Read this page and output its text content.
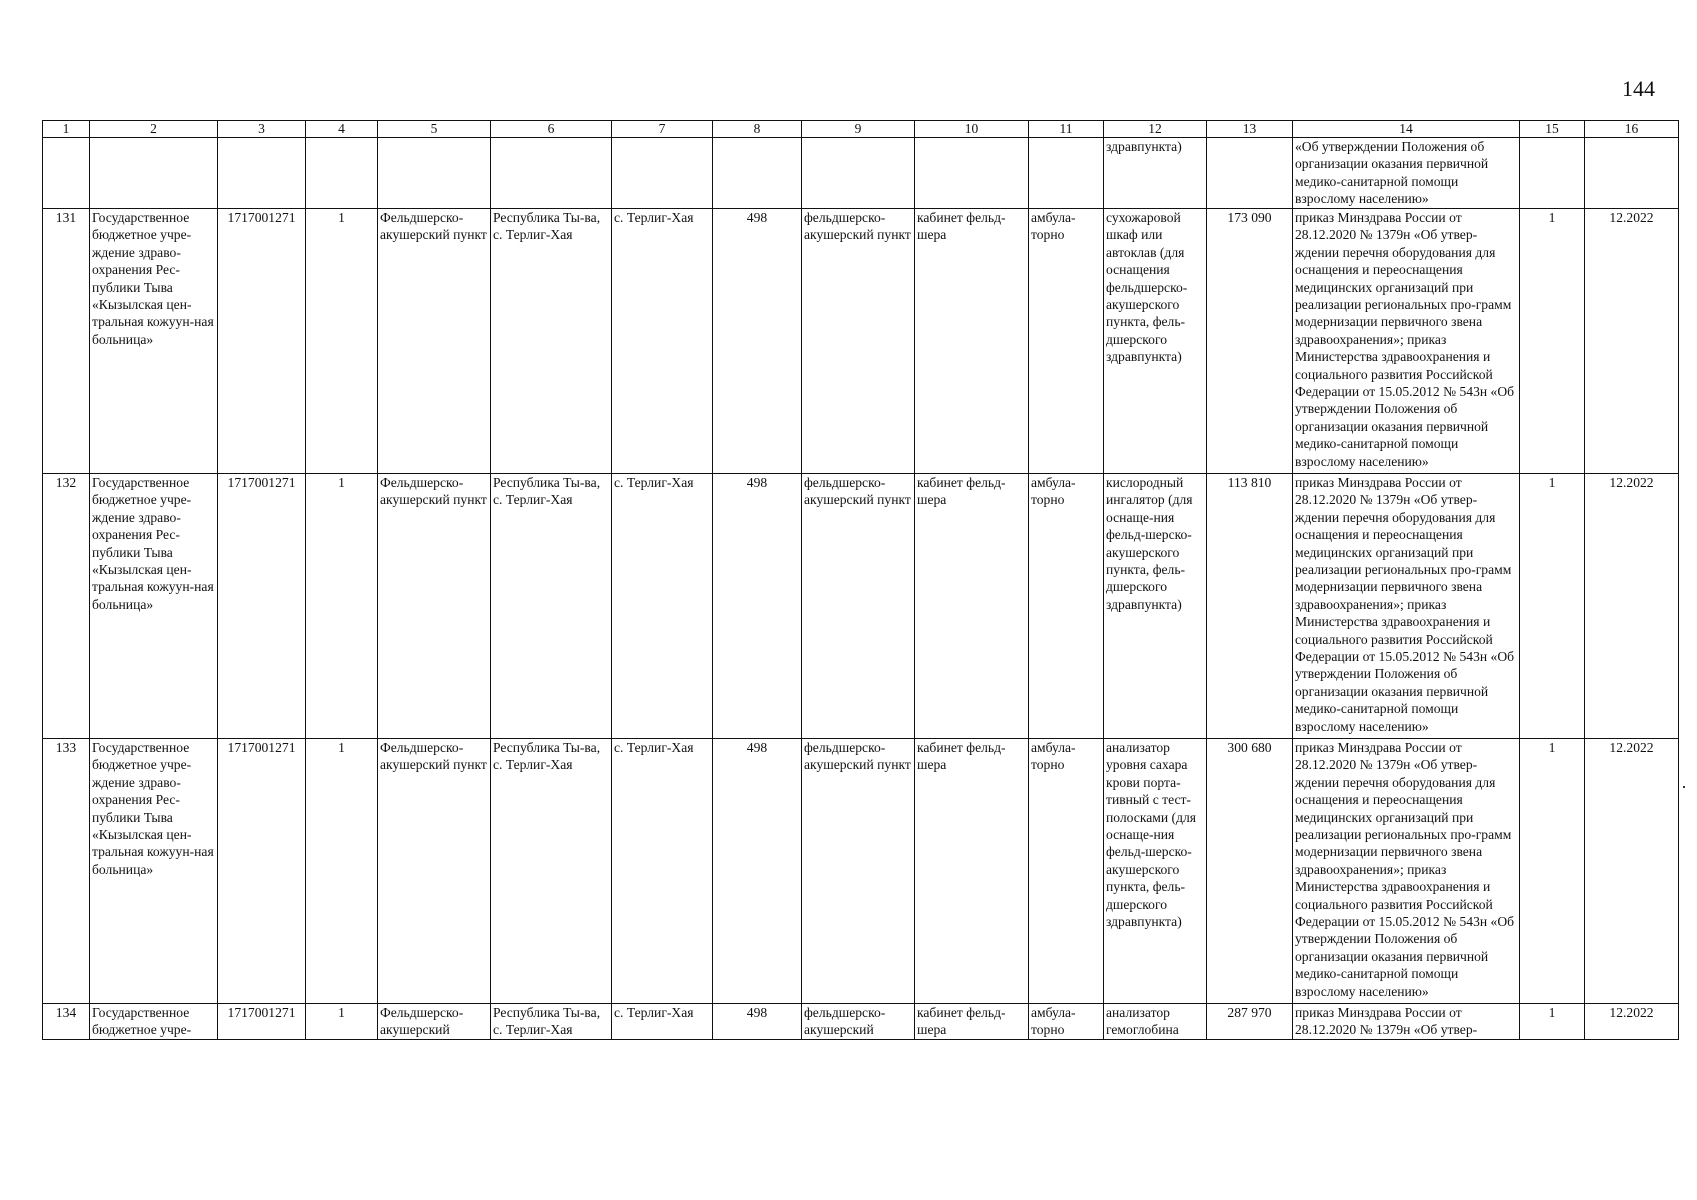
144
1	2	3	4	5	6	7	8	9	10	11	12	13	14	15	16
											здравпункта)		«Об утверждении Положения об организации оказания первичной медико-санитарной помощи взрослому населению»		
131	Государственное бюджетное учре-ждение здраво-охранения Рес-публики Тыва «Кызылская цен-тральная кожуун-ная больница»	1717001271	1	Фельдшерско-акушерский пункт	Республика Ты-ва, с. Терлиг-Хая	с. Терлиг-Хая	498	фельдшерско-акушерский пункт	кабинет фельд-шера	амбула-торно	сухожаровой шкаф или автоклав (для оснащения фельдшерско-акушерского пункта, фель-дшерского здравпункта)	173 090	приказ Минздрава России от 28.12.2020 № 1379н «Об утвер-ждении перечня оборудования для оснащения и переоснащения медицинских организаций при реализации региональных про-грамм модернизации первичного звена здравоохранения»; приказ Министерства здравоохранения и социального развития Российской Федерации от 15.05.2012 № 543н «Об утверждении Положения об организации оказания первичной медико-санитарной помощи взрослому населению»	1	12.2022
132	Государственное бюджетное учре-ждение здраво-охранения Рес-публики Тыва «Кызылская цен-тральная кожуун-ная больница»	1717001271	1	Фельдшерско-акушерский пункт	Республика Ты-ва, с. Терлиг-Хая	с. Терлиг-Хая	498	фельдшерско-акушерский пункт	кабинет фельд-шера	амбула-торно	кислородный ингалятор (для оснаще-ния фельд-шерско-акушерского пункта, фель-дшерского здравпункта)	113 810	приказ Минздрава России от 28.12.2020 № 1379н «Об утвер-ждении перечня оборудования для оснащения и переоснащения медицинских организаций при реализации региональных про-грамм модернизации первичного звена здравоохранения»; приказ Министерства здравоохранения и социального развития Российской Федерации от 15.05.2012 № 543н «Об утверждении Положения об организации оказания первичной медико-санитарной помощи взрослому населению»	1	12.2022
133	Государственное бюджетное учре-ждение здраво-охранения Рес-публики Тыва «Кызылская цен-тральная кожуун-ная больница»	1717001271	1	Фельдшерско-акушерский пункт	Республика Ты-ва, с. Терлиг-Хая	с. Терлиг-Хая	498	фельдшерско-акушерский пункт	кабинет фельд-шера	амбула-торно	анализатор уровня сахара крови порта-тивный с тест-полосками (для оснаще-ния фельд-шерско-акушерского пункта, фель-дшерского здравпункта)	300 680	приказ Минздрава России от 28.12.2020 № 1379н «Об утвер-ждении перечня оборудования для оснащения и переоснащения медицинских организаций при реализации региональных про-грамм модернизации первичного звена здравоохранения»; приказ Министерства здравоохранения и социального развития Российской Федерации от 15.05.2012 № 543н «Об утверждении Положения об организации оказания первичной медико-санитарной помощи взрослому населению»	1	12.2022
134	Государственное бюджетное учре-	1717001271	1	Фельдшерско-акушерский	Республика Ты-ва, с. Терлиг-Хая	с. Терлиг-Хая	498	фельдшерско-акушерский	кабинет фельд-шера	амбула-торно	анализатор гемоглобина	287 970	приказ Минздрава России от 28.12.2020 № 1379н «Об утвер-	1	12.2022
